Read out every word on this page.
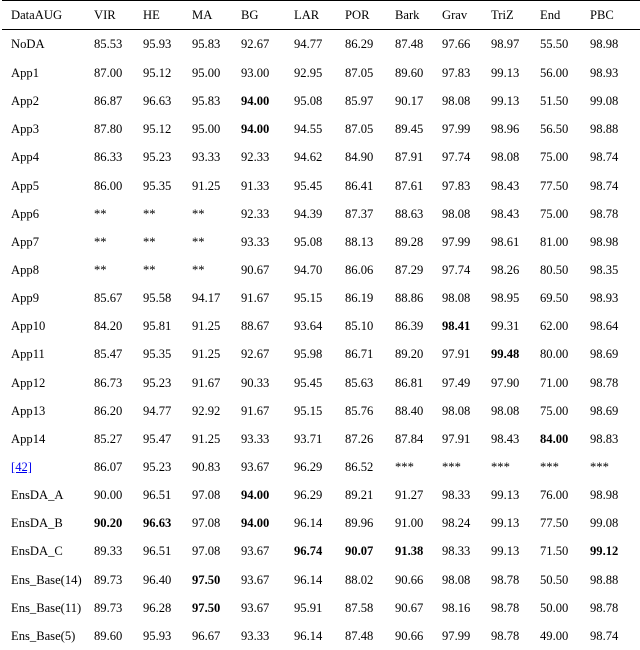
DataAUG	VIR	HE	MA	BG	LAR	POR	Bark	Grav	TriZ	End	PBC
NoDA	85.53	95.93	95.83	92.67	94.77	86.29	87.48	97.66	98.97	55.50	98.98
App1	87.00	95.12	95.00	93.00	92.95	87.05	89.60	97.83	99.13	56.00	98.93
App2	86.87	96.63	95.83	94.00	95.08	85.97	90.17	98.08	99.13	51.50	99.08
App3	87.80	95.12	95.00	94.00	94.55	87.05	89.45	97.99	98.96	56.50	98.88
App4	86.33	95.23	93.33	92.33	94.62	84.90	87.91	97.74	98.08	75.00	98.74
App5	86.00	95.35	91.25	91.33	95.45	86.41	87.61	97.83	98.43	77.50	98.74
App6	**	**	**	92.33	94.39	87.37	88.63	98.08	98.43	75.00	98.78
App7	**	**	**	93.33	95.08	88.13	89.28	97.99	98.61	81.00	98.98
App8	**	**	**	90.67	94.70	86.06	87.29	97.74	98.26	80.50	98.35
App9	85.67	95.58	94.17	91.67	95.15	86.19	88.86	98.08	98.95	69.50	98.93
App10	84.20	95.81	91.25	88.67	93.64	85.10	86.39	98.41	99.31	62.00	98.64
App11	85.47	95.35	91.25	92.67	95.98	86.71	89.20	97.91	99.48	80.00	98.69
App12	86.73	95.23	91.67	90.33	95.45	85.63	86.81	97.49	97.90	71.00	98.78
App13	86.20	94.77	92.92	91.67	95.15	85.76	88.40	98.08	98.08	75.00	98.69
App14	85.27	95.47	91.25	93.33	93.71	87.26	87.84	97.91	98.43	84.00	98.83
[42]	86.07	95.23	90.83	93.67	96.29	86.52	***	***	***	***	***
EnsDA_A	90.00	96.51	97.08	94.00	96.29	89.21	91.27	98.33	99.13	76.00	98.98
EnsDA_B	90.20	96.63	97.08	94.00	96.14	89.96	91.00	98.24	99.13	77.50	99.08
EnsDA_C	89.33	96.51	97.08	93.67	96.74	90.07	91.38	98.33	99.13	71.50	99.12
Ens_Base(14)	89.73	96.40	97.50	93.67	96.14	88.02	90.66	98.08	98.78	50.50	98.88
Ens_Base(11)	89.73	96.28	97.50	93.67	95.91	87.58	90.67	98.16	98.78	50.00	98.78
Ens_Base(5)	89.60	95.93	96.67	93.33	96.14	87.48	90.66	97.99	98.78	49.00	98.74
